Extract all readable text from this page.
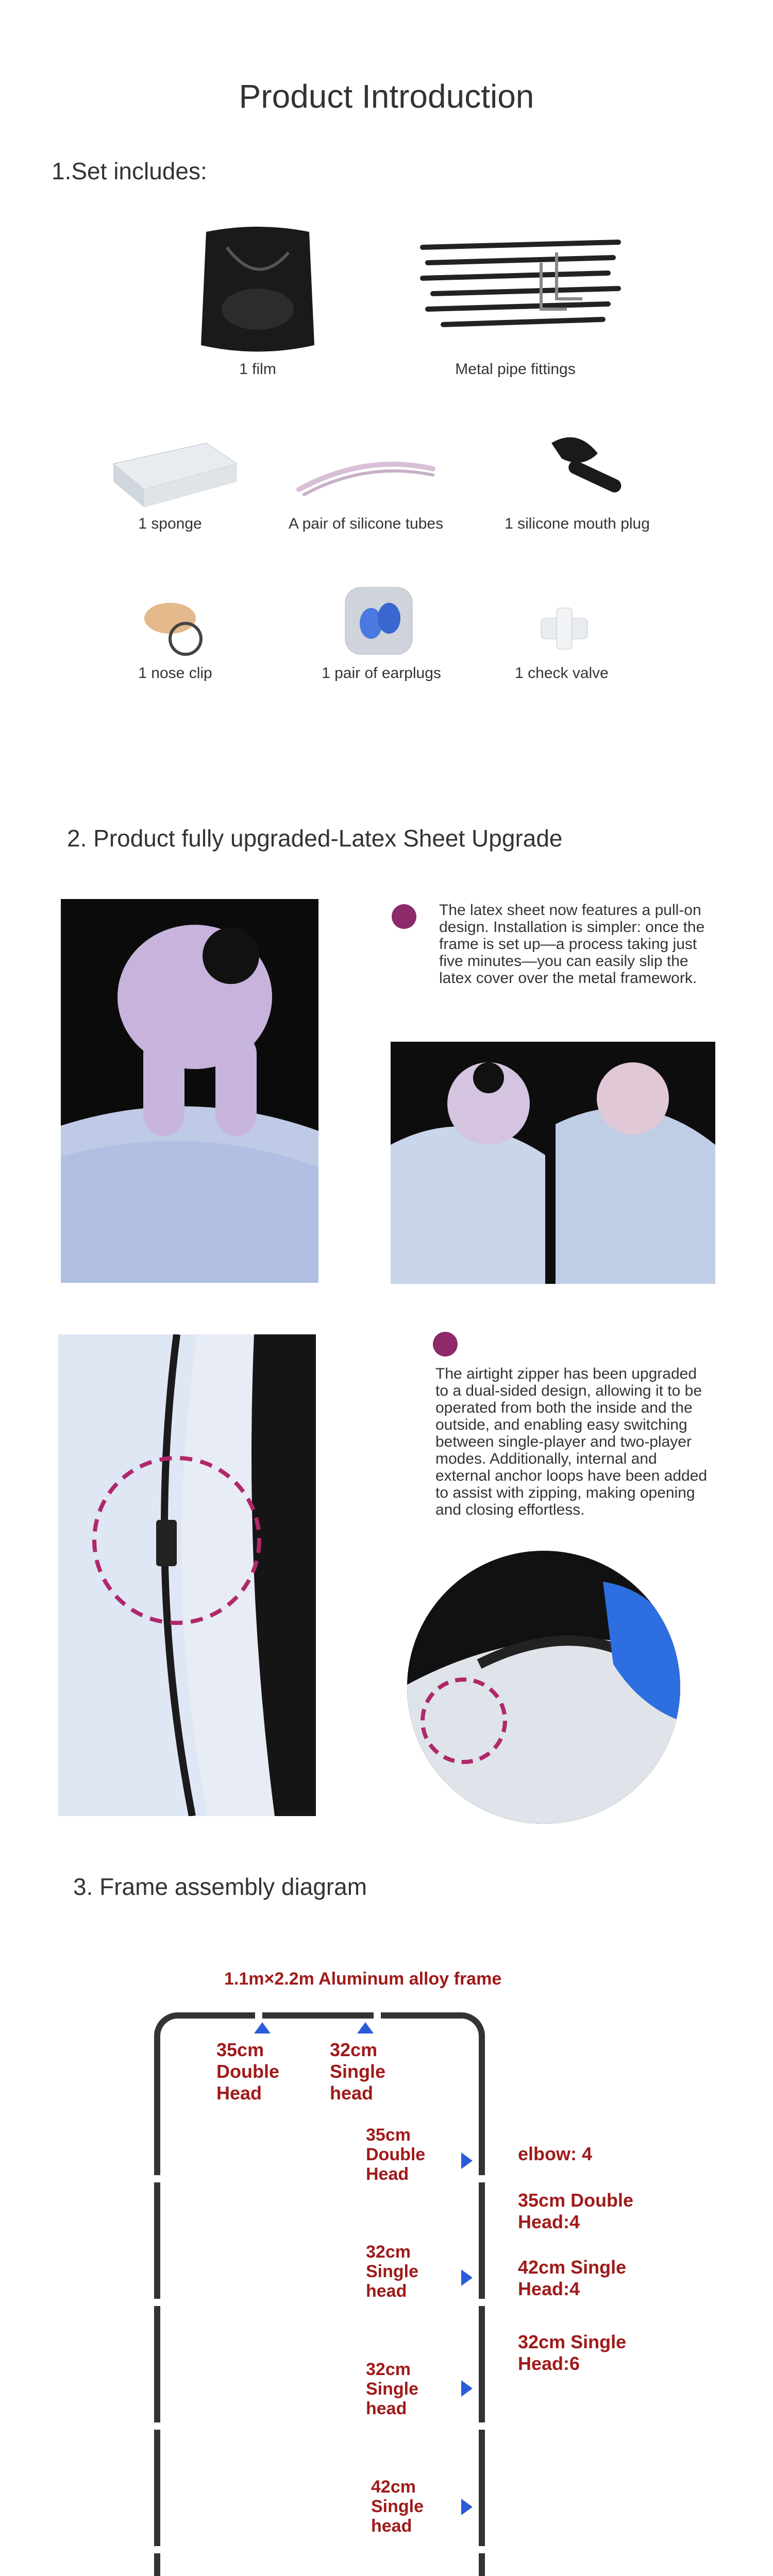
Product Introduction
1.Set includes:
1 film	Metal pipe fittings
1 sponge	A pair of silicone tubes	1 silicone mouth plug
1 nose clip	1 pair of earplugs	1 check valve
2. Product fully upgraded-Latex Sheet Upgrade
The latex sheet now features a pull-on design. Installation is simpler: once the frame is set up—a process taking just five minutes—you can easily slip the latex cover over the metal framework.
The airtight zipper has been upgraded to a dual-sided design, allowing it to be operated from both the inside and the outside, and enabling easy switching between single-player and two-player modes. Additionally, internal and external anchor loops have been added to assist with zipping, making opening and closing effortless.
3. Frame assembly diagram
1.1m×2.2m Aluminum alloy frame
35cm
Double Head
32cm
Single head
35cm
Double Head
32cm
Single head
32cm
Single head
42cm
Single head
elbow: 4
35cm Double Head:4
42cm Single Head:4
32cm Single Head:6
